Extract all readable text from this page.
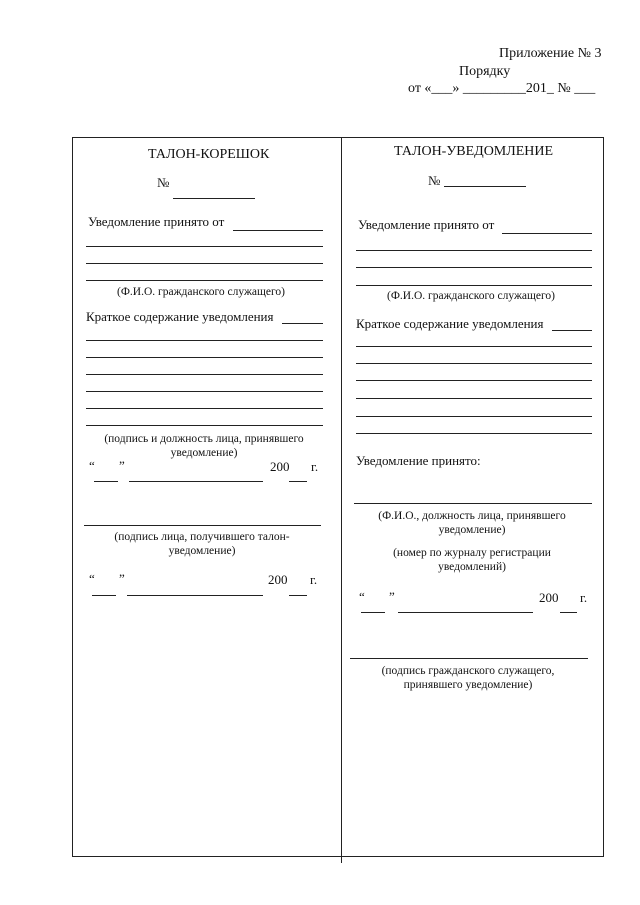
Приложение № 3
Порядку
от «___» _________201_ № ___
ТАЛОН-КОРЕШОК
№
Уведомление принято от
(Ф.И.О. гражданского служащего)
Краткое содержание уведомления
(подпись и должность лица, принявшего уведомление)
“ ”	200 г.
(подпись лица, получившего талон-уведомление)
“ ”	200 г.
ТАЛОН-УВЕДОМЛЕНИЕ
№
Уведомление принято от
(Ф.И.О. гражданского служащего)
Краткое содержание уведомления
Уведомление принято:
(Ф.И.О., должность лица, принявшего уведомление)
(номер по журналу регистрации уведомлений)
“ ”	200 г.
(подпись гражданского служащего, принявшего уведомление)
